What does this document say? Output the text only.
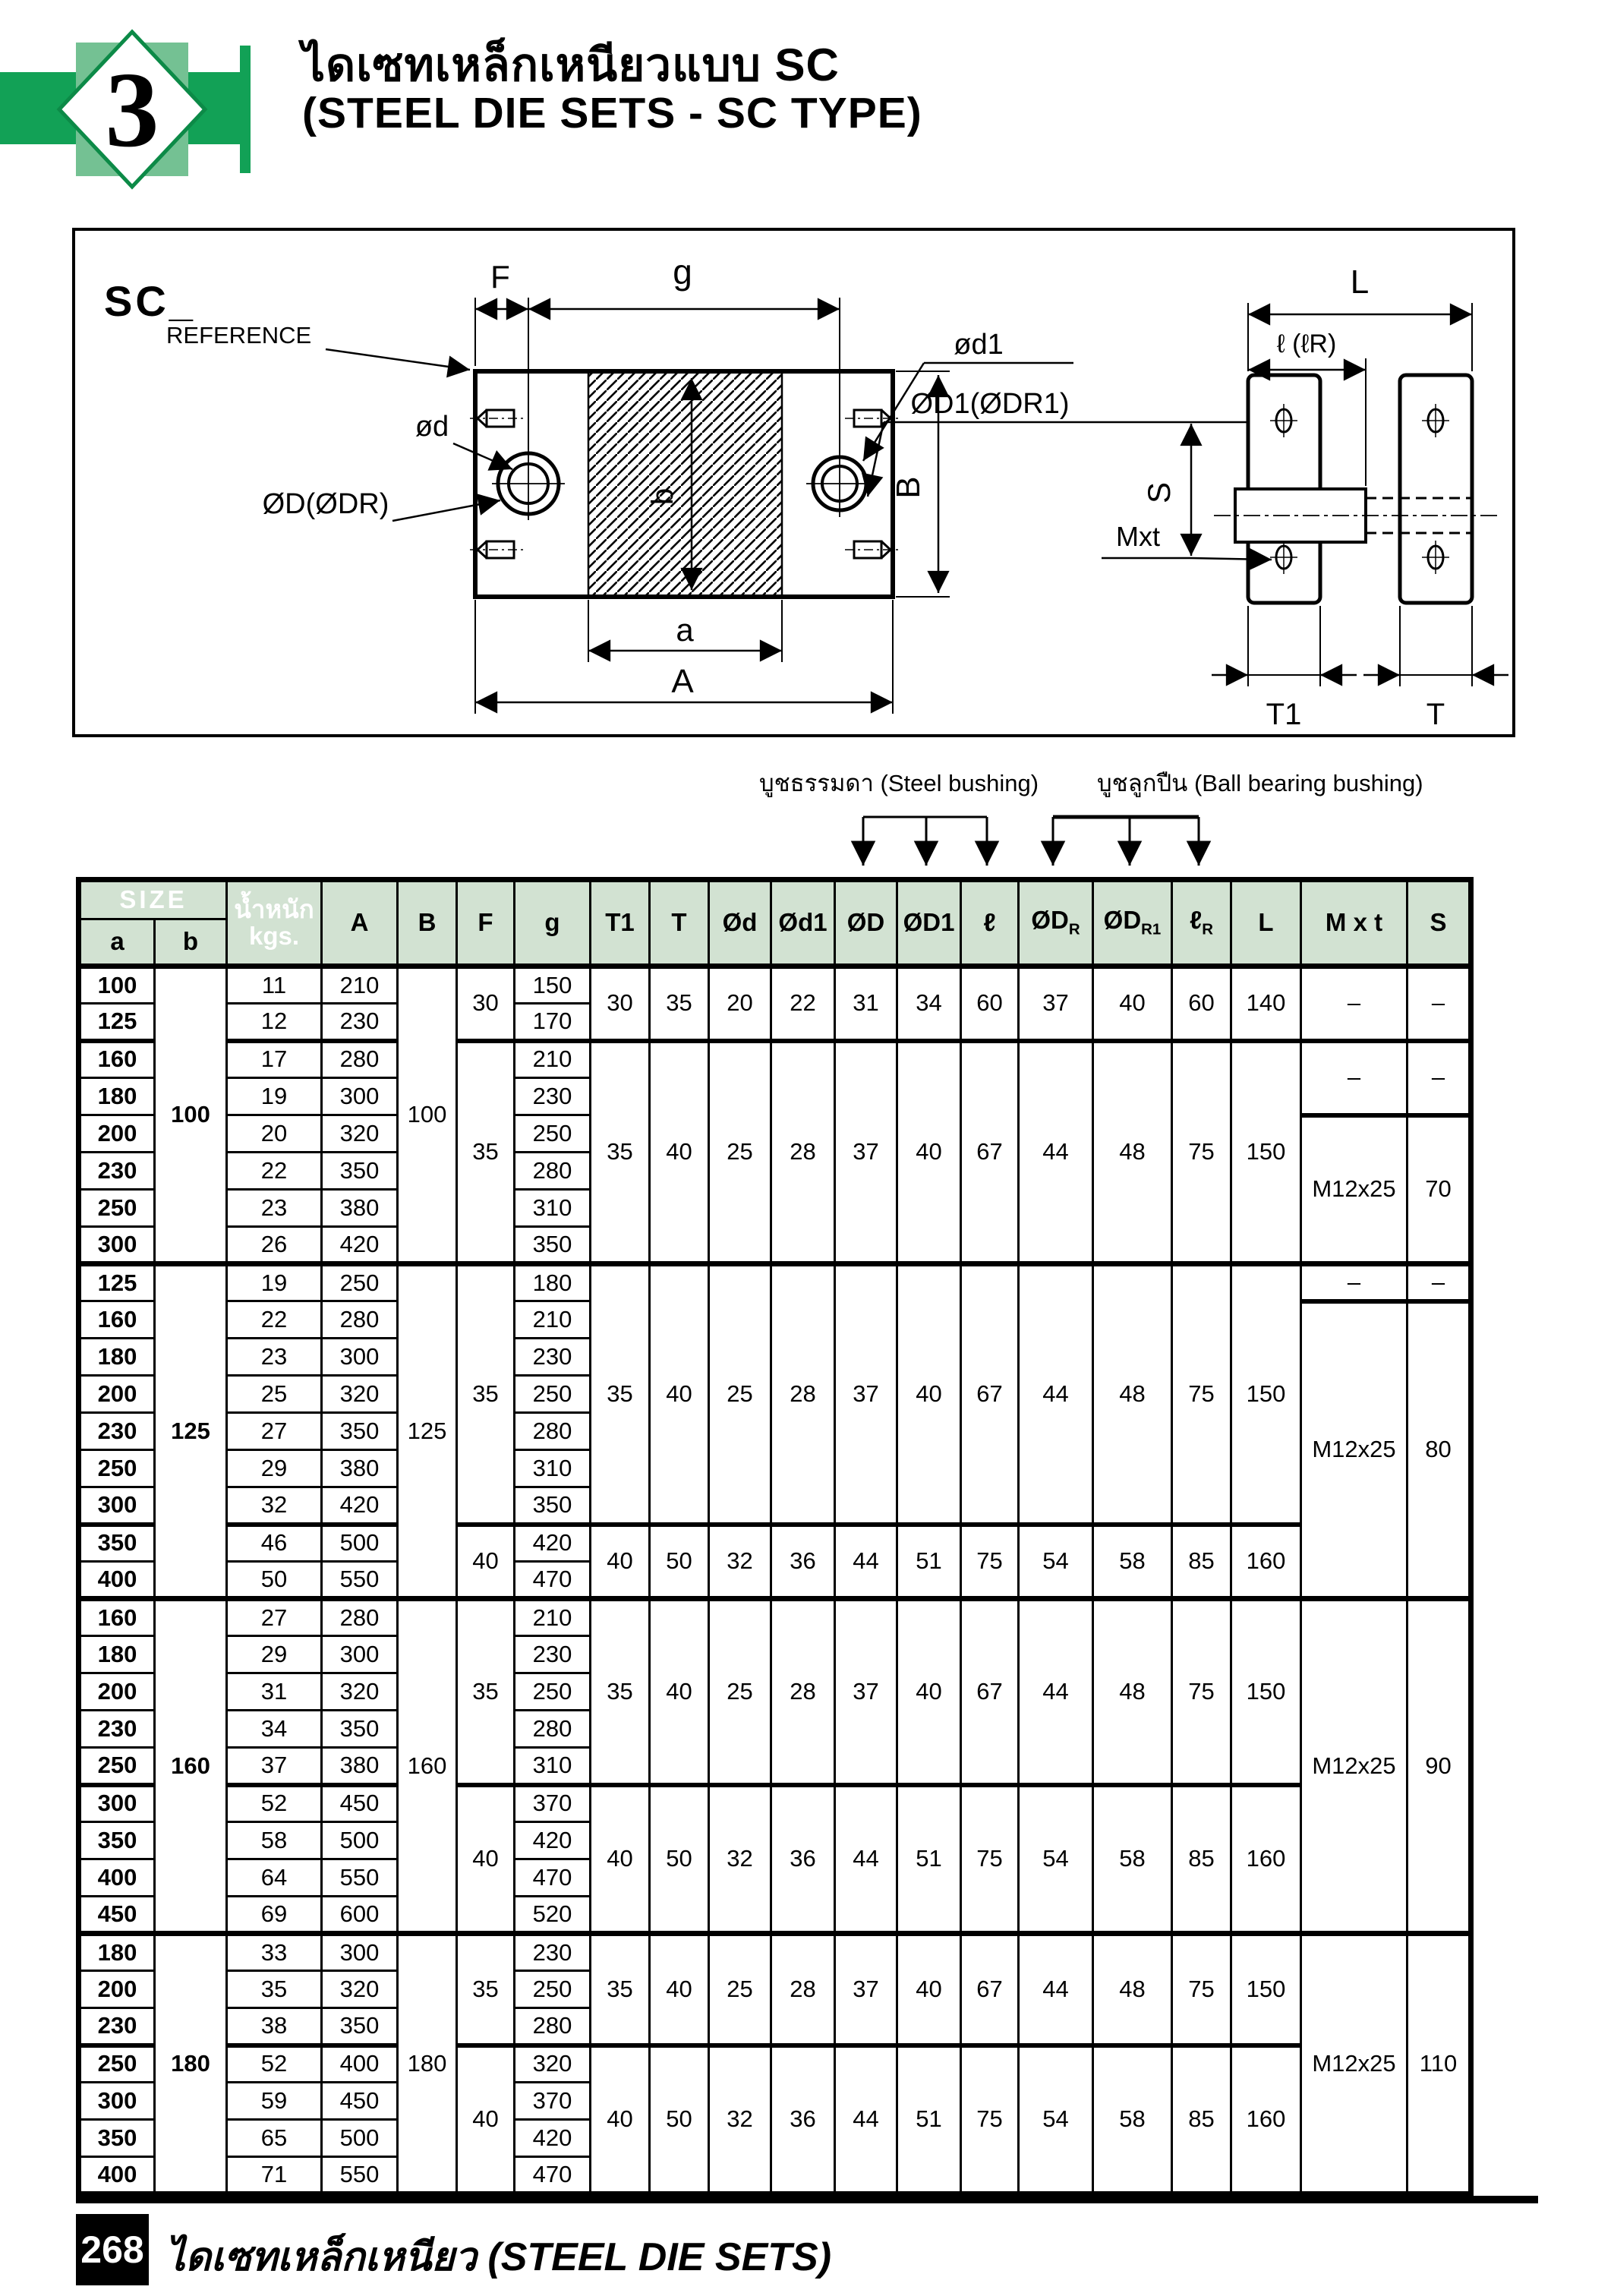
3	ไดเซทเหล็กเหนียวแบบ SC
(STEEL DIE SETS - SC TYPE)
SC_
REFERENCE
b
F	g
a
A
B
ød
ØD(ØDR)
ød1
ØD1(ØDR1)
L
ℓ (ℓR)
S
Mxt
T1	T
บูชธรรมดา (Steel bushing) บูชลูกปืน (Ball bearing bushing)
SIZE		น้ำหนัก
kgs.	A	B	F	g	T1	T	Ød	Ød1	ØD	ØD1	ℓ	$ØD_R$	$ØD_{R1}$	ℓ$_R$	L	M x t	S
a	b																		
100	100	11	210	100	30	150	30	35	20	22	31	34	60	37	40	60	140	–	–
125		12	230			170													
160		17	280		35	210	35	40	25	28	37	40	67	44	48	75	150	–	–
180		19	300			230													
200		20	320			250												M12x25	70
230		22	350			280													
250		23	380			310													
300		26	420			350													
125	125	19	250	125	35	180	35	40	25	28	37	40	67	44	48	75	150	–	–
160		22	280			210												M12x25	80
180		23	300			230													
200		25	320			250													
230		27	350			280													
250		29	380			310													
300		32	420			350													
350		46	500		40	420	40	50	32	36	44	51	75	54	58	85	160		
400		50	550			470													
160	160	27	280	160	35	210	35	40	25	28	37	40	67	44	48	75	150	M12x25	90
180		29	300			230													
200		31	320			250													
230		34	350			280													
250		37	380			310													
300		52	450		40	370	40	50	32	36	44	51	75	54	58	85	160		
350		58	500			420													
400		64	550			470													
450		69	600			520													
180	180	33	300	180	35	230	35	40	25	28	37	40	67	44	48	75	150	M12x25	110
200		35	320			250													
230		38	350			280													
250		52	400		40	320	40	50	32	36	44	51	75	54	58	85	160		
300		59	450			370													
350		65	500			420													
400		71	550			470													
268 ไดเซทเหล็กเหนียว (STEEL DIE SETS)
